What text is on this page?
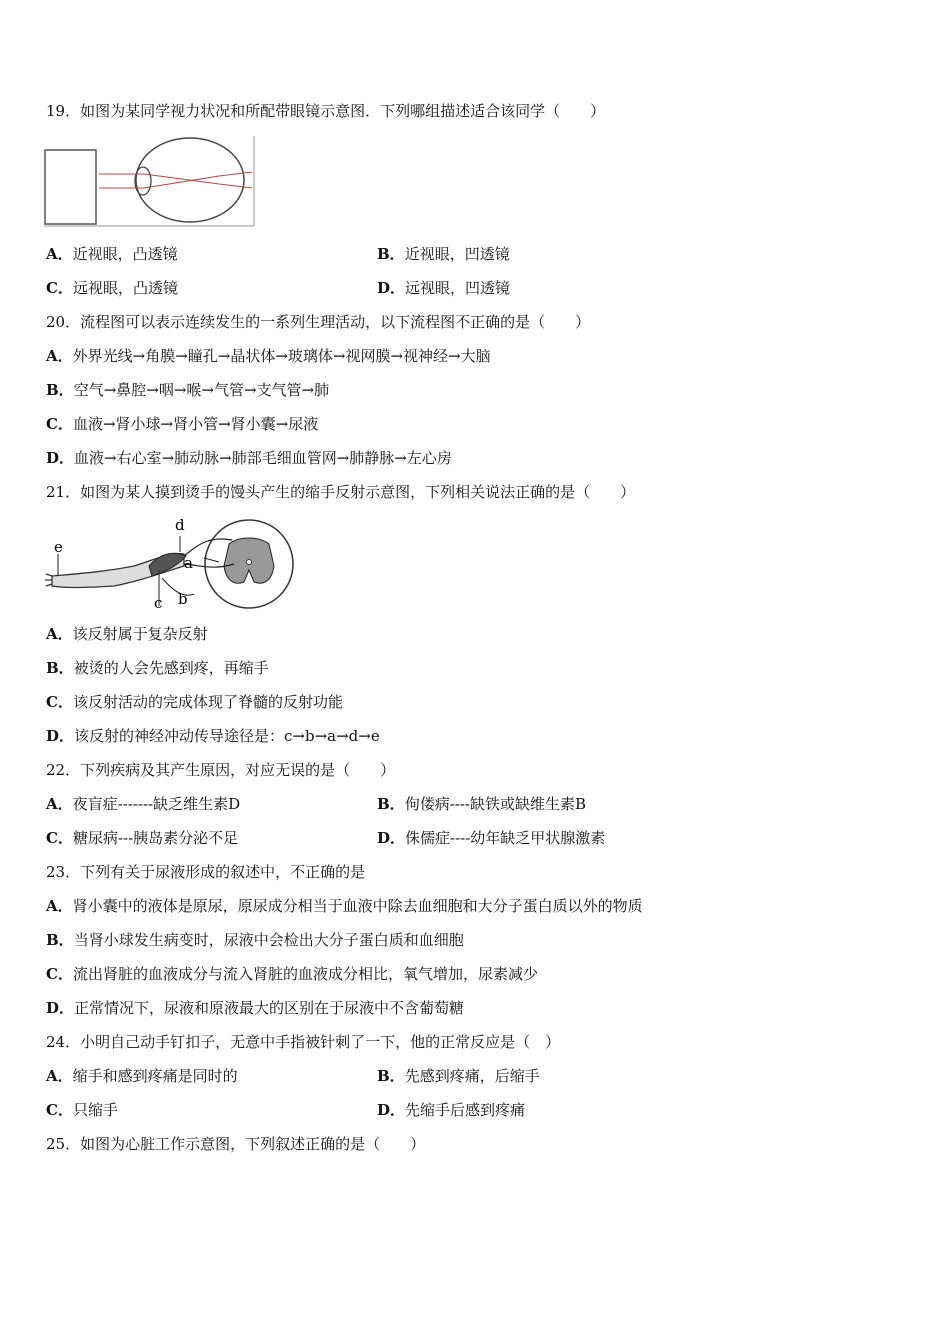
19．如图为某同学视力状况和所配带眼镜示意图．下列哪组描述适合该同学（　　）
A．近视眼，凸透镜	B．近视眼，凹透镜
C．远视眼，凸透镜	D．远视眼，凹透镜
20．流程图可以表示连续发生的一系列生理活动，以下流程图不正确的是（　　）
A．外界光线→角膜→瞳孔→晶状体→玻璃体→视网膜→视神经→大脑
B．空气→鼻腔→咽→喉→气管→支气管→肺
C．血液→肾小球→肾小管→肾小囊→尿液
D．血液→右心室→肺动脉→肺部毛细血管网→肺静脉→左心房
21．如图为某人摸到烫手的馒头产生的缩手反射示意图，下列相关说法正确的是（　　）
e
d
a
c b
A．该反射属于复杂反射
B．被烫的人会先感到疼，再缩手
C．该反射活动的完成体现了脊髓的反射功能
D．该反射的神经冲动传导途径是：c→b→a→d→e
22．下列疾病及其产生原因，对应无误的是（　　）
A．夜盲症-------缺乏维生素D	B．佝偻病----缺铁或缺维生素B
C．糖尿病---胰岛素分泌不足	D．侏儒症----幼年缺乏甲状腺激素
23．下列有关于尿液形成的叙述中，不正确的是
A．肾小囊中的液体是原尿，原尿成分相当于血液中除去血细胞和大分子蛋白质以外的物质
B．当肾小球发生病变时，尿液中会检出大分子蛋白质和血细胞
C．流出肾脏的血液成分与流入肾脏的血液成分相比，氧气增加，尿素减少
D．正常情况下，尿液和原液最大的区别在于尿液中不含葡萄糖
24．小明自己动手钉扣子，无意中手指被针刺了一下，他的正常反应是（　）
A．缩手和感到疼痛是同时的	B．先感到疼痛，后缩手
C．只缩手	D．先缩手后感到疼痛
25．如图为心脏工作示意图，下列叙述正确的是（　　）
